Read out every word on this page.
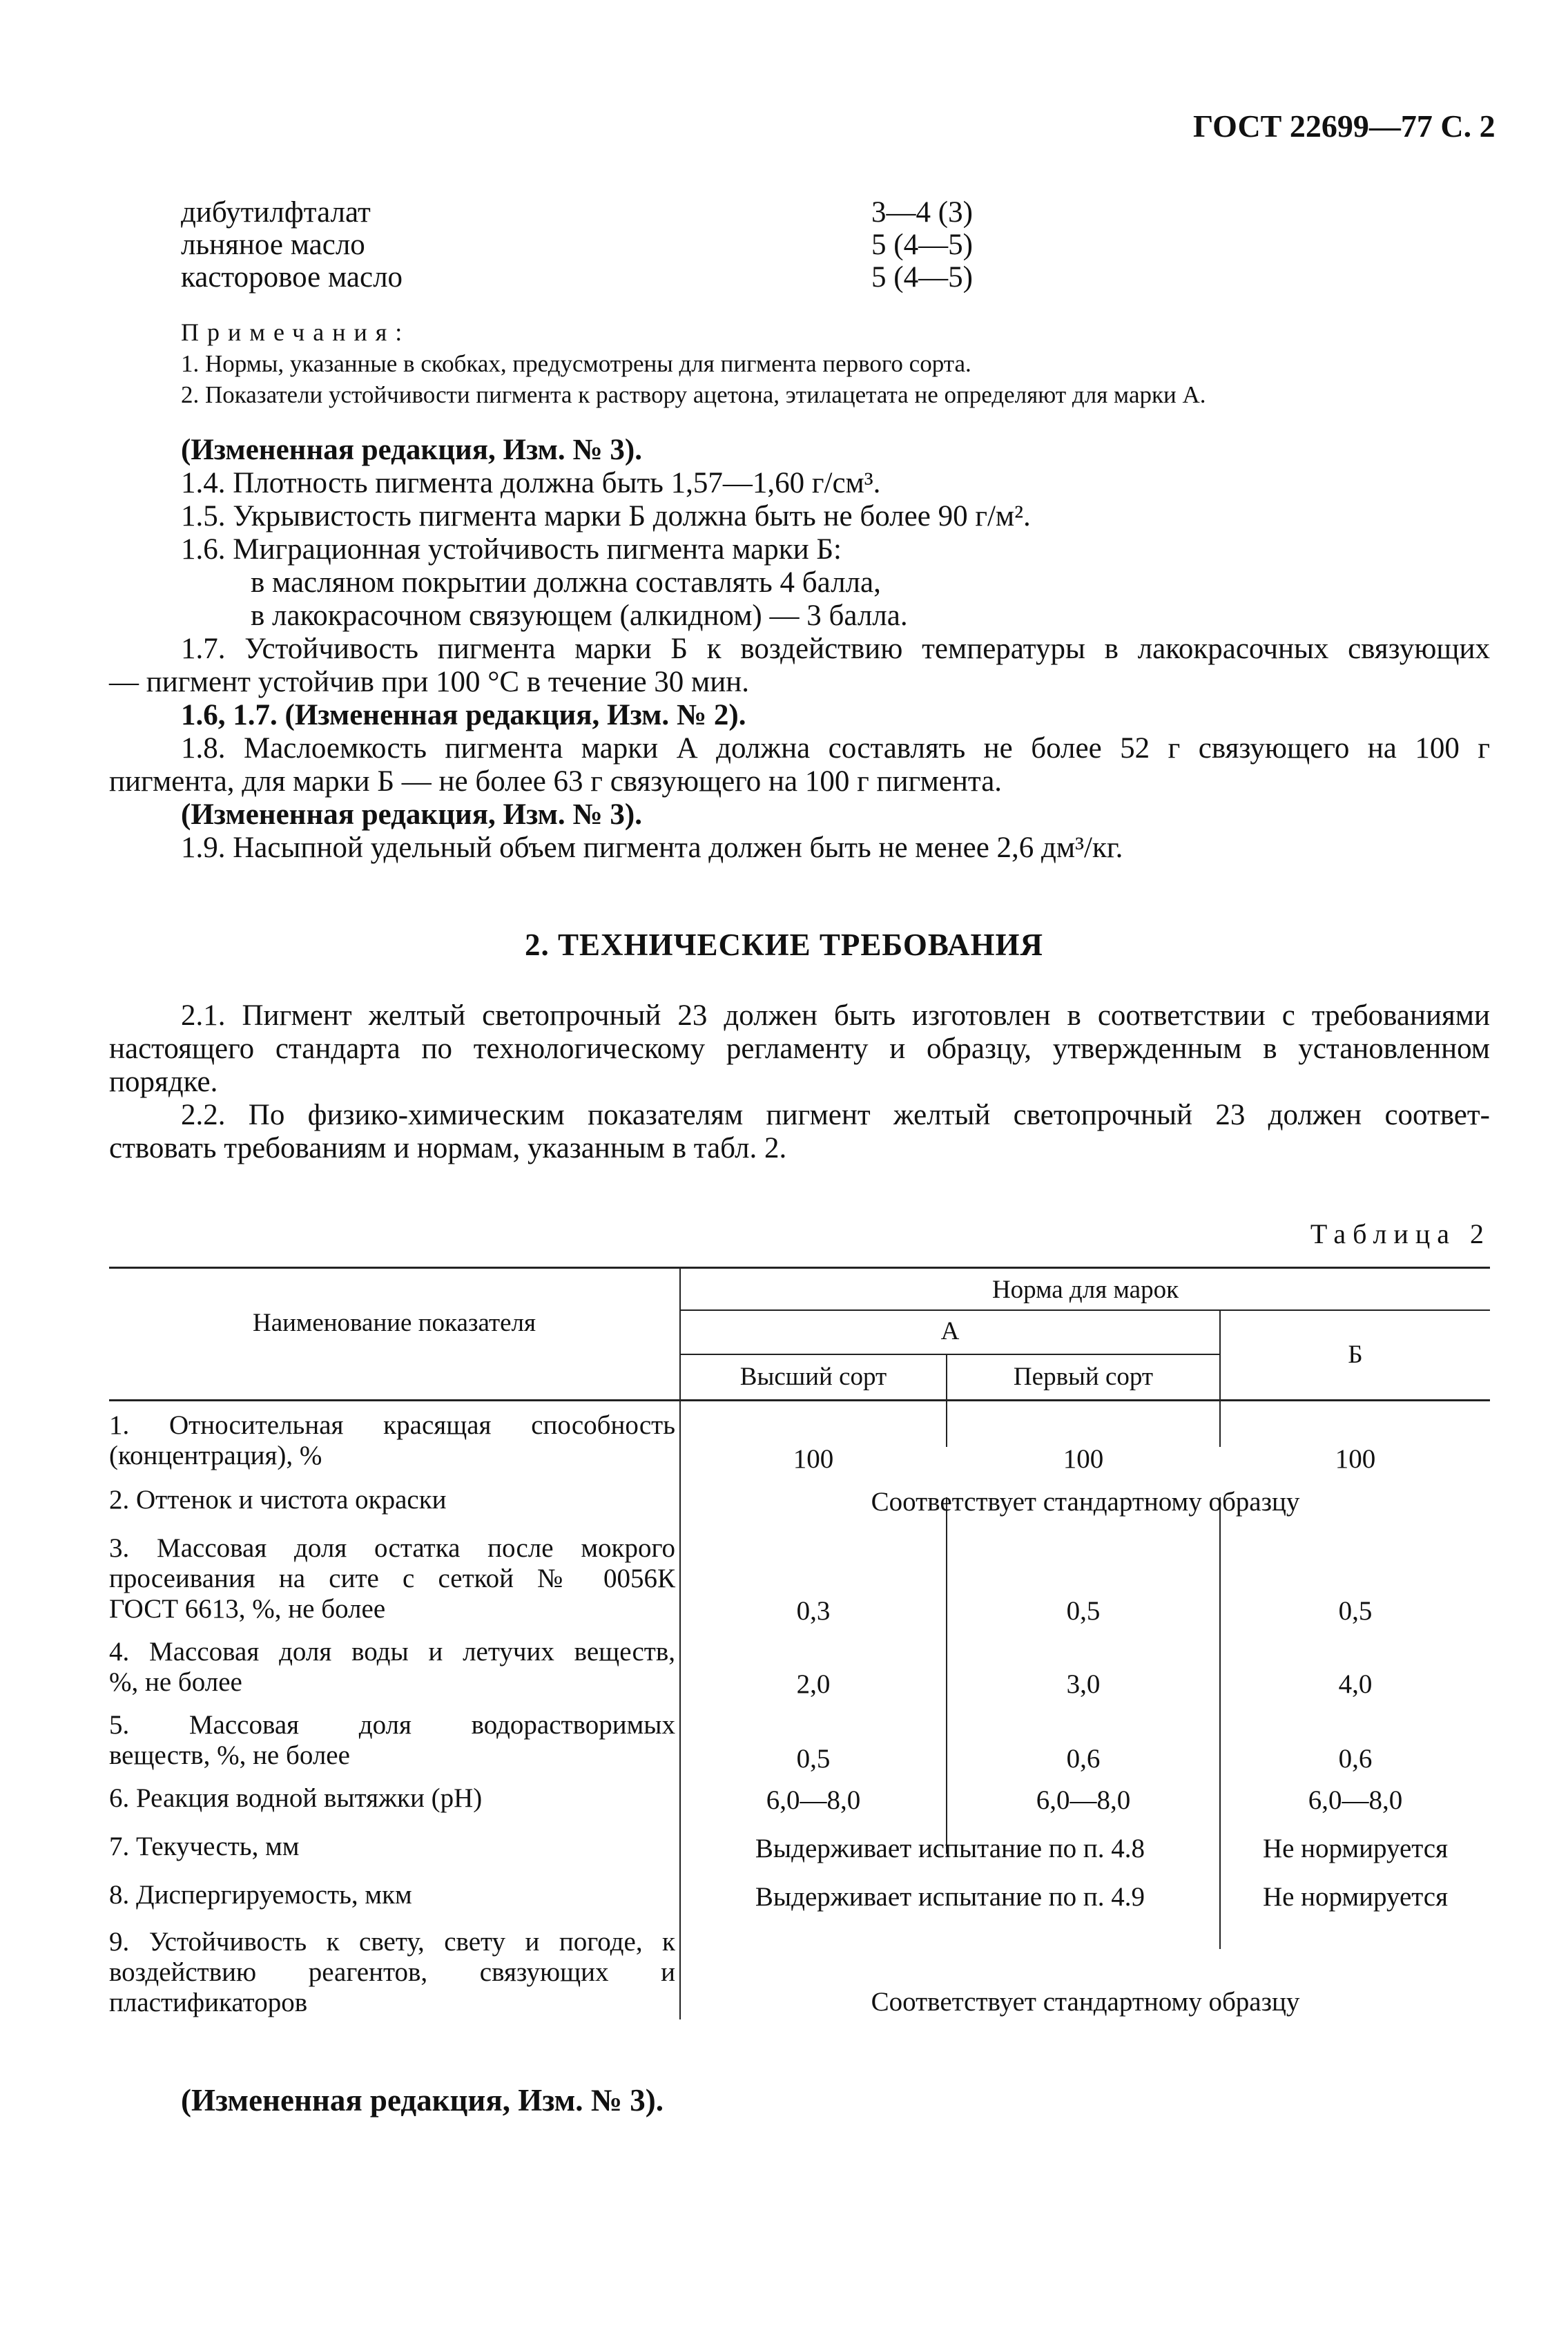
ГОСТ 22699—77 С. 2

дибутилфталат	3—4 (3)

льняное масло	5 (4—5)

касторовое масло	5 (4—5)

Примечания:

1. Нормы, указанные в скобках, предусмотрены для пигмента первого сорта.

2. Показатели устойчивости пигмента к раствору ацетона, этилацетата не определяют для марки А.

(Измененная редакция, Изм. № 3).

1.4. Плотность пигмента должна быть 1,57—1,60 г/см³.

1.5. Укрывистость пигмента марки Б должна быть не более 90 г/м².

1.6. Миграционная устойчивость пигмента марки Б:

в масляном покрытии должна составлять 4 балла,

в лакокрасочном связующем (алкидном) — 3 балла.

1.7. Устойчивость пигмента марки Б к воздействию температуры в лакокрасочных связующих

— пигмент устойчив при 100 °С в течение 30 мин.

1.6, 1.7. (Измененная редакция, Изм. № 2).

1.8. Маслоемкость пигмента марки А должна составлять не более 52 г связующего на 100 г

пигмента, для марки Б — не более 63 г связующего на 100 г пигмента.

(Измененная редакция, Изм. № 3).

1.9. Насыпной удельный объем пигмента должен быть не менее 2,6 дм³/кг.

2. ТЕХНИЧЕСКИЕ ТРЕБОВАНИЯ

2.1. Пигмент желтый светопрочный 23 должен быть изготовлен в соответствии с требованиями

настоящего стандарта по технологическому регламенту и образцу, утвержденным в установленном

порядке.

2.2. По физико-химическим показателям пигмент желтый светопрочный 23 должен соответ-

ствовать требованиям и нормам, указанным в табл. 2.

Таблица 2

Наименование показателя
Норма для марок
А
Б
Высший сорт	Первый сорт
1. Относительная красящая способность
(концентрация), %	100	100	100
2. Оттенок и чистота окраски	Соответствует стандартному образцу
3. Массовая доля остатка после мокрого
просеивания на сите с сеткой № 0056К
ГОСТ 6613, %, не более	0,3	0,5	0,5
4. Массовая доля воды и летучих веществ,
%, не более	2,0	3,0	4,0
5. Массовая доля водорастворимых
веществ, %, не более	0,5	0,6	0,6
6. Реакция водной вытяжки (рН)	6,0—8,0	6,0—8,0	6,0—8,0
7. Текучесть, мм	Выдерживает испытание по п. 4.8	Не нормируется
8. Диспергируемость, мкм	Выдерживает испытание по п. 4.9	Не нормируется
9. Устойчивость к свету, свету и погоде, к
воздействию реагентов, связующих и
пластификаторов	Соответствует стандартному образцу

(Измененная редакция, Изм. № 3).
